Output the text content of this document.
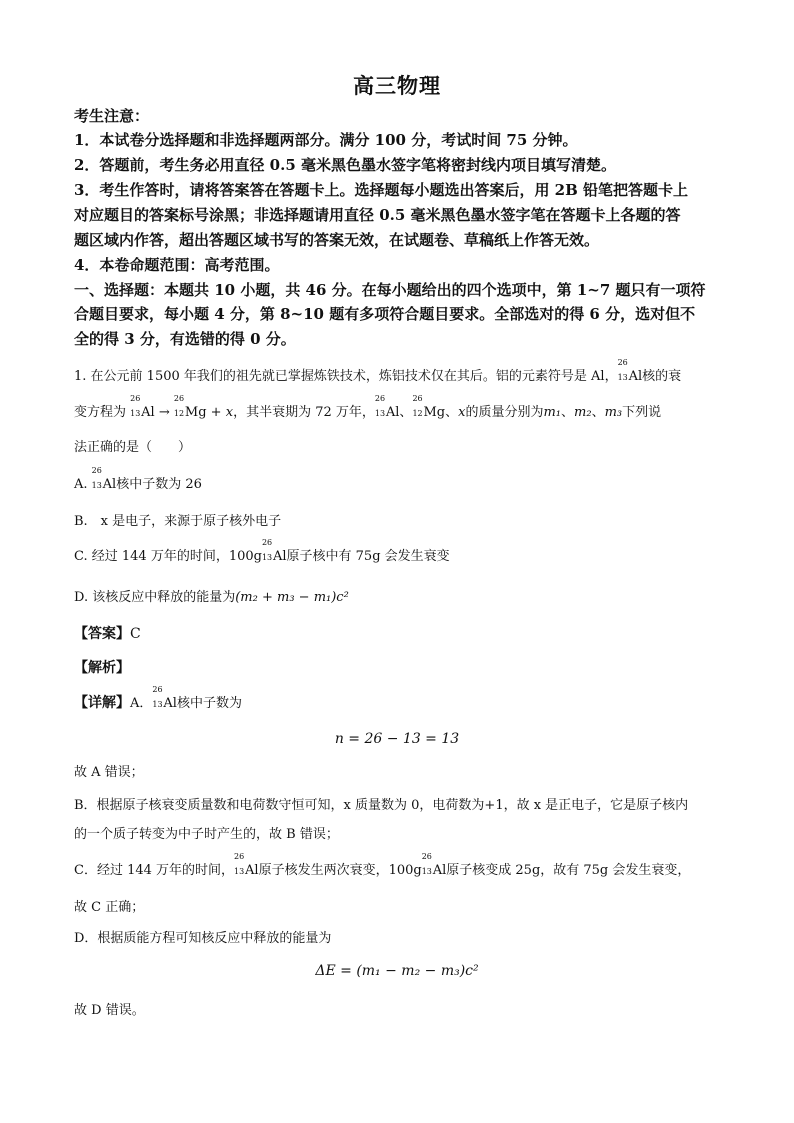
高三物理
考生注意：
1．本试卷分选择题和非选择题两部分。满分 100 分，考试时间 75 分钟。
2．答题前，考生务必用直径 0.5 毫米黑色墨水签字笔将密封线内项目填写清楚。
3．考生作答时，请将答案答在答题卡上。选择题每小题选出答案后，用 2B 铅笔把答题卡上
对应题目的答案标号涂黑；非选择题请用直径 0.5 毫米黑色墨水签字笔在答题卡上各题的答
题区域内作答，超出答题区域书写的答案无效，在试题卷、草稿纸上作答无效。
4．本卷命题范围：高考范围。
一、选择题：本题共 10 小题，共 46 分。在每小题给出的四个选项中，第 1~7 题只有一项符
合题目要求，每小题 4 分，第 8~10 题有多项符合题目要求。全部选对的得 6 分，选对但不
全的得 3 分，有选错的得 0 分。
1. 在公元前 1500 年我们的祖先就已掌握炼铁技术，炼铝技术仅在其后。铝的元素符号是 Al，
26
13 Al核的衰
变方程为
26
13 Al →
26
12 Mg + x，其半衰期为 72 万年，
26
13 Al、
26
12 Mg、x的质量分别为m₁、m₂、m₃下列说
法正确的是（　　）
A.
26
13 Al核中子数为 26
B.　x 是电子，来源于原子核外电子
C. 经过 144 万年的时间，100g
26
13 Al原子核中有 75g 会发生衰变
D. 该核反应中释放的能量为(m₂ + m₃ − m₁)c²
【答案】C
【解析】
【详解】A．
26
13 Al核中子数为
n = 26 − 13 = 13
故 A 错误；
B．根据原子核衰变质量数和电荷数守恒可知，x 质量数为 0，电荷数为+1，故 x 是正电子，它是原子核内
的一个质子转变为中子时产生的，故 B 错误；
C．经过 144 万年的时间，
26
13 Al原子核发生两次衰变，100g
26
13 Al原子核变成 25g，故有 75g 会发生衰变，
故 C 正确；
D．根据质能方程可知核反应中释放的能量为
ΔE = (m₁ − m₂ − m₃)c²
故 D 错误。
